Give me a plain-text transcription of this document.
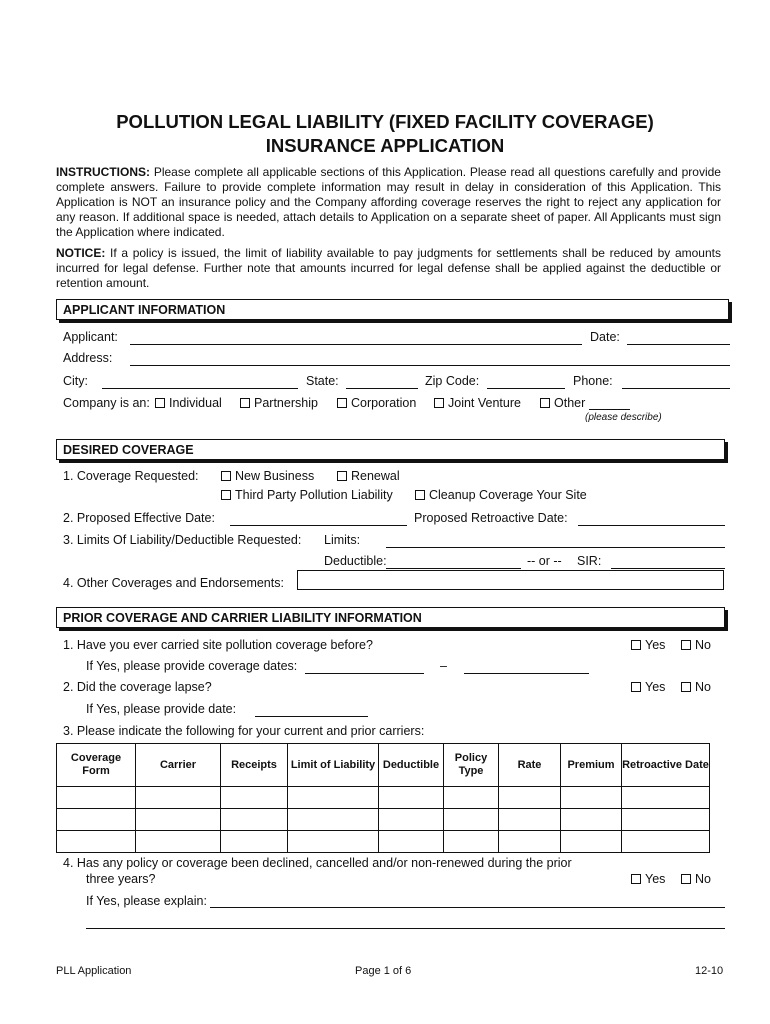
POLLUTION LEGAL LIABILITY (FIXED FACILITY COVERAGE)
INSURANCE APPLICATION
INSTRUCTIONS: Please complete all applicable sections of this Application. Please read all questions carefully and provide complete answers. Failure to provide complete information may result in delay in consideration of this Application. This Application is NOT an insurance policy and the Company affording coverage reserves the right to reject any application for any reason. If additional space is needed, attach details to Application on a separate sheet of paper. All Applicants must sign the Application where indicated.
NOTICE: If a policy is issued, the limit of liability available to pay judgments for settlements shall be reduced by amounts incurred for legal defense. Further note that amounts incurred for legal defense shall be applied against the deductible or retention amount.
APPLICANT INFORMATION
Applicant:	Date:
Address:
City:	State:	Zip Code:	Phone:
Company is an:	Individual	Partnership	Corporation	Joint Venture	Other
(please describe)
DESIRED COVERAGE
1. Coverage Requested:	New Business	Renewal
Third Party Pollution Liability	Cleanup Coverage Your Site
2. Proposed Effective Date:	Proposed Retroactive Date:
3. Limits Of Liability/Deductible Requested: Limits:
Deductible:	-- or -- SIR:
4. Other Coverages and Endorsements:
PRIOR COVERAGE AND CARRIER LIABILITY INFORMATION
1. Have you ever carried site pollution coverage before?	Yes	No
If Yes, please provide coverage dates:	–
2. Did the coverage lapse?	Yes	No
If Yes, please provide date:
3. Please indicate the following for your current and prior carriers:
Coverage Form	Carrier	Receipts	Limit of Liability	Deductible	Policy Type	Rate	Premium	Retroactive Date

4. Has any policy or coverage been declined, cancelled and/or non-renewed during the prior
three years?	Yes	No
If Yes, please explain:
PLL Application	Page 1 of 6	12-10
